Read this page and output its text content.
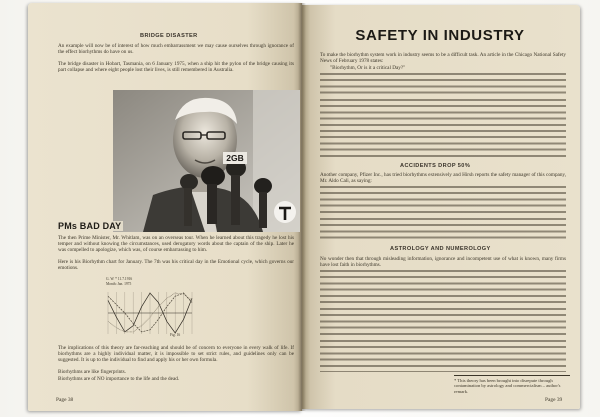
BRIDGE DISASTER

An example will now be of interest of how much embarrassment we may cause ourselves through ignorance of the effect biorhythms do have on us.

The bridge disaster in Hobart, Tasmania, on 6 January 1975, when a ship hit the pylon of the bridge causing its part collapse and where eight people lost their lives, is still remembered in Australia.

2GB
PMs BAD DAY

The then Prime Minister, Mr. Whitlam, was on an overseas tour. When he learned about this tragedy he lost his temper and without knowing the circumstances, used derogatory words about the captain of the ship. Later he was compelled to apologize, which was, of course embarrassing to him.

Here is his Biorhythm chart for January. The 7th was his critical day in the Emotional cycle, which governs our emotions.

G. W. * 11.7.1916
Month: Jan. 1975
Fig. 16

The implications of this theory are far-reaching and should be of concern to everyone in every walk of life. If biorhythms are a highly individual matter, it is impossible to set strict rules, and guidelines only can be suggested. It is up to the individual to find and apply his or her own formula.

Biorhythms are like fingerprints.

Biorhythms are of NO importance to the life and the dead.

Page 38
SAFETY IN INDUSTRY

To make the biorhythm system work in industry seems to be a difficult task. An article in the Chicago National Safety News of February 1978 states:

"Biorhythm, Or is it a critical Day?"

ACCIDENTS DROP 50%

Another company, Pfizer Inc., has tried biorhythms extensively and Hirsh reports the safety manager of this company, Mr. Aldo Cali, as saying:

ASTROLOGY AND NUMEROLOGY

No wonder then that through misleading information, ignorance and incompetent use of what is known, many firms have lost faith in biorhythms.

* This theory has been brought into disrepute through contamination by astrology and commercialism – author's remark.

Page 39
